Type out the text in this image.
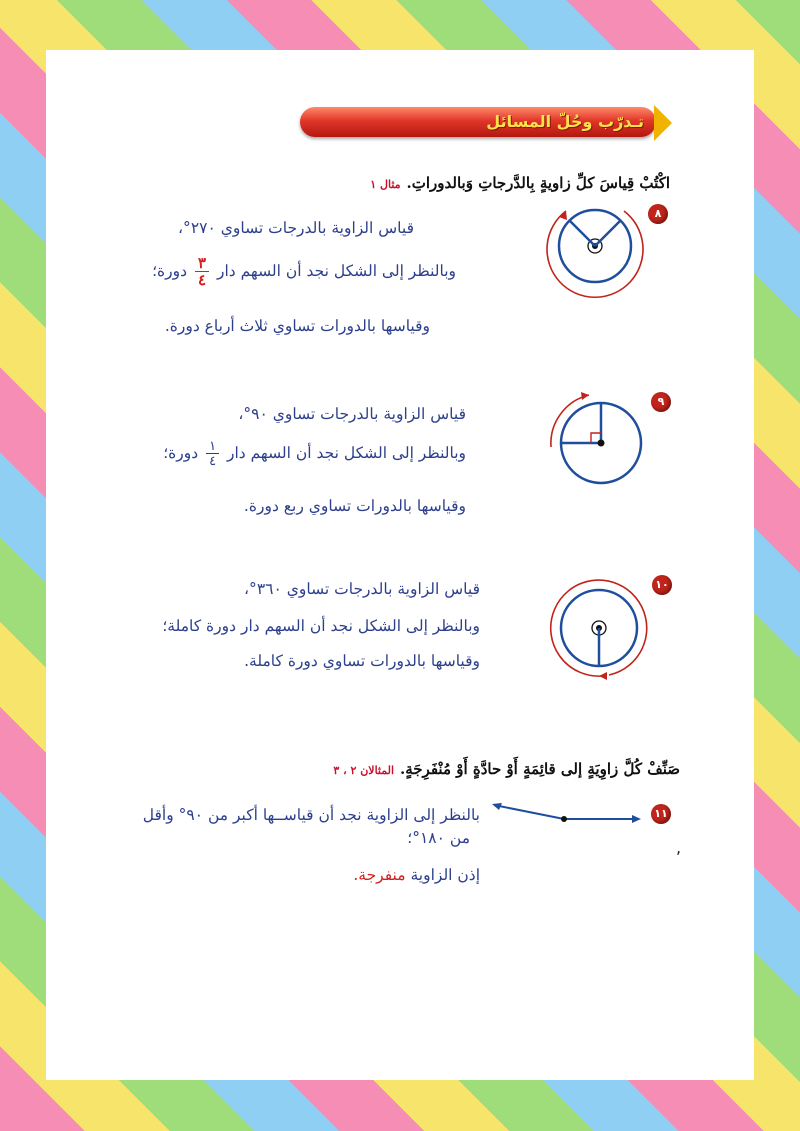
تـدرّب وحُلّ المسائل
اكْتُبْ قِياسَ كلِّ زاويةٍ بِالدَّرجاتِ وَبالدوراتِ.مثال ١
٨
قياس الزاوية بالدرجات تساوي ٢٧٠°،
وبالنظر إلى الشكل نجد أن السهم دار
$\frac{٣}{٤}$
دورة؛
وقياسها بالدورات تساوي ثلاث أرباع دورة.
٩
قياس الزاوية بالدرجات تساوي ٩٠°،
وبالنظر إلى الشكل نجد أن السهم دار
$\frac{١}{٤}$
دورة؛
وقياسها بالدورات تساوي ربع دورة.
١٠
قياس الزاوية بالدرجات تساوي ٣٦٠°،
وبالنظر إلى الشكل نجد أن السهم دار دورة كاملة؛
وقياسها بالدورات تساوي دورة كاملة.
صَنِّفْ كُلَّ زاوِيَةٍ إلى قائِمَةٍ أَوْ حادَّةٍ أَوْ مُنْفَرِجَةٍ.المثالان ٢ ، ٣
١١
بالنظر إلى الزاوية نجد أن قياســها أكبر من ٩٠° وأقل
من ١٨٠°؛
إذن الزاوية منفرجة.
,
